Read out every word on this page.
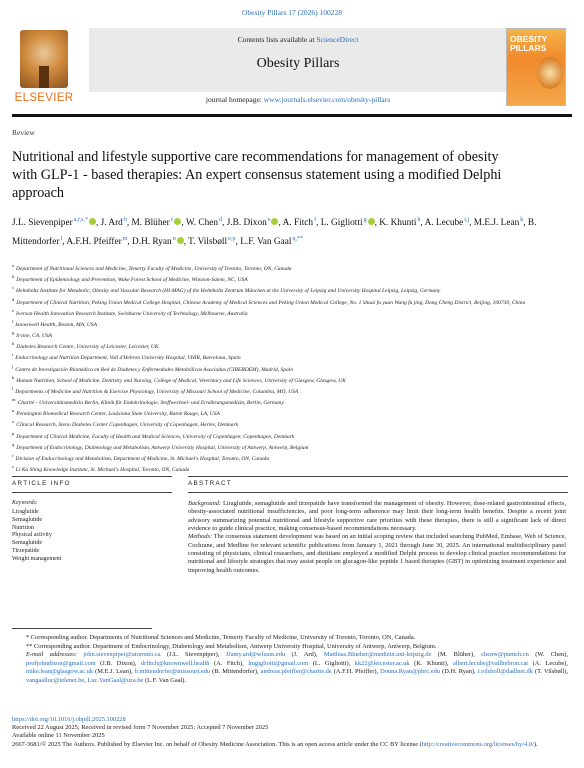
Obesity Pillars 17 (2026) 100228
ELSEVIER
Contents lists available at ScienceDirect
Obesity Pillars
journal homepage: www.journals.elsevier.com/obesity-pillars
OBESITY PILLARS
Review
Nutritional and lifestyle supportive care recommendations for management of obesity with GLP-1 - based therapies: An expert consensus statement using a modified Delphi approach
J.L. Sievenpiper$^{a,r,s,*}$ , J. Ard$^b$, M. Blüher$^c$ , W. Chen$^d$, J.B. Dixon$^e$ , A. Fitch$^f$, L. Gigliotti$^g$ , K. Khunti$^h$, A. Lecube$^{i,j}$, M.E.J. Lean$^k$, B. Mittendorfer$^l$, A.F.H. Pfeiffer$^m$, D.H. Ryan$^n$ , T. Vilsbøll$^{o,p}$, L.F. Van Gaal$^{q,**}$
$^a$Department of Nutritional Sciences and Medicine, Temerty Faculty of Medicine, University of Toronto, Toronto, ON, Canada
$^b$Department of Epidemiology and Prevention, Wake Forest School of Medicine, Winston-Salem, NC, USA
$^c$Helmholtz Institute for Metabolic, Obesity and Vascular Research (HI-MAG) of the Helmholtz Zentrum München at the University of Leipzig and University Hospital Leipzig, Leipzig, Germany
$^d$Department of Clinical Nutrition, Peking Union Medical College Hospital, Chinese Academy of Medical Sciences and Peking Union Medical College, No. 1 Shuai fu yuan Wang fu jing, Dong Cheng District, Beijing, 100730, China
$^e$Iverson Health Innovation Research Institute, Swinburne University of Technology, Melbourne, Australia
$^f$knownwell Health, Boston, MA, USA
$^g$Irvine, CA, USA
$^h$Diabetes Research Centre, University of Leicester, Leicester, UK
$^i$Endocrinology and Nutrition Department, Vall d'Hebron University Hospital, VHIR, Barcelona, Spain
$^j$Centro de Investigación Biomédica en Red de Diabetes y Enfermedades Metabólicas Asociadas (CIBERDEM), Madrid, Spain
$^k$Human Nutrition, School of Medicine, Dentistry and Nursing, College of Medical, Veterinary and Life Sciences, University of Glasgow, Glasgow, UK
$^l$Departments of Medicine and Nutrition & Exercise Physiology, University of Missouri School of Medicine, Columbia, MO, USA
$^m$Charité - Universitätsmedizin Berlin, Klinik für Endokrinologie, Stoffwechsel- und Ernährungsmedizin, Berlin, Germany
$^n$Pennington Biomedical Research Center, Louisiana State University, Baton Rouge, LA, USA
$^o$Clinical Research, Steno Diabetes Center Copenhagen, University of Copenhagen, Herlev, Denmark
$^p$Department of Clinical Medicine, Faculty of Health and Medical Sciences, University of Copenhagen, Copenhagen, Denmark
$^q$Department of Endocrinology, Diabetology and Metabolism, Antwerp University Hospital, University of Antwerp, Antwerp, Belgium
$^r$Division of Endocrinology and Metabolism, Department of Medicine, St. Michael's Hospital, Toronto, ON, Canada
$^s$Li Ka Shing Knowledge Institute, St. Michael's Hospital, Toronto, ON, Canada
ARTICLE INFO	ABSTRACT
Keywords:
Liraglutide
Semaglutide
Nutrition
Physical activity
Semaglutide
Tirzepatide
Weight management

Background: Liraglutide, semaglutide and tirzepatide have transformed the management of obesity. However, dose-related gastrointestinal effects, obesity-associated nutritional insufficiencies, and poor long-term adherence may limit their long-term health benefits. Despite a recent joint advisory summarizing potential nutritional and lifestyle supportive care priorities with these therapies, there is still a significant lack of direct evidence to guide clinical practice, making consensus-based recommendations necessary.

Methods: The consensus statement development was based on an initial scoping review that included searching PubMed, Embase, Web of Science, Cochrane, and Medline for relevant scientific publications from January 1, 2021 through June 30, 2025. An international multidisciplinary panel consisting of physicians, clinical researchers, and dietitians employed a modified Delphi process to develop clinical practice recommendations for nutritional and lifestyle strategies that may assist people on glucagon-like peptide 1 based therapies (GBT) in optimizing treatment experience and improving health outcomes.

* Corresponding author. Departments of Nutritional Sciences and Medicine, Temerty Faculty of Medicine, University of Toronto, Toronto, ON, Canada.
** Corresponding author. Department of Endocrinology, Diabetology and Metabolism, Antwerp University Hospital, University of Antwerp, Antwerp, Belgium.
E-mail addresses: john.sievenpiper@utoronto.ca (J.L. Sievenpiper), JJamy.ard@wfusm.edu (J. Ard), Matthias.Blueher@medizin.uni-leipzig.de (M. Blüher), chenw@pumch.cn (W. Chen), profjohndixon@gmail.com (J.B. Dixon), drfitch@knownwell.health (A. Fitch), lmgigliotti@gmail.com (L. Gigliotti), kk22@leicester.ac.uk (K. Khunti), albert.lecube@vallhebron.cat (A. Lecube), mike.lean@glasgow.ac.uk (M.E.J. Lean), b.mittendorfer@missouri.edu (B. Mittendorfer), andreas.pfeiffer@charite.de (A.F.H. Pfeiffer), Donna.Ryan@pbrc.edu (D.H. Ryan), t.vilsboll@dadlnet.dk (T. Vilsbøll), vangaalluc@telenet.be, Luc.VanGaal@uza.be (L.F. Van Gaal).
https://doi.org/10.1016/j.obpill.2025.100228
Received 22 August 2025; Received in revised form 7 November 2025; Accepted 7 November 2025
Available online 11 November 2025
2667-3681/© 2025 The Authors. Published by Elsevier Inc. on behalf of Obesity Medicine Association. This is an open access article under the CC BY license (http://creativecommons.org/licenses/by/4.0/).
